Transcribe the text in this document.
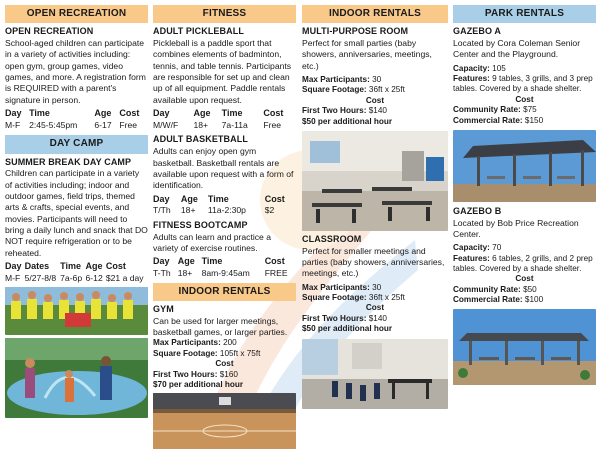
OPEN RECREATION
OPEN RECREATION

School-aged children can participate in a variety of activities including: open gym, group games, video games, and more. A registration form is REQUIRED with a parent's signature in person.

Day	Time	Age	Cost
M-F	2:45-5:45pm	6-17	Free
DAY CAMP
SUMMER BREAK DAY CAMP

Children can participate in a variety of activities including; indoor and outdoor games, field trips, themed arts & crafts, special events, and movies. Participants will need to bring a daily lunch and snack that DO NOT require refrigeration or to be reheated.

Day	Dates	Time	Age	Cost
M-F	5/27-8/8	7a-6p	6-12	$21 a day
FITNESS
ADULT PICKLEBALL

Pickleball is a paddle sport that combines elements of badminton, tennis, and table tennis. Participants are responsible for set up and clean up of all equipment. Paddle rentals available upon request.

Day	Age	Time	Cost
M/W/F	18+	7a-11a	Free
ADULT BASKETBALL

Adults can enjoy open gym basketball. Basketball rentals are available upon request with a form of identification.

Day	Age	Time	Cost
T/Th	18+	11a-2:30p	$2
FITNESS BOOTCAMP

Adults can learn and practice a variety of exercise routines.

Day	Age	Time	Cost
T-Th	18+	8am-9:45am	FREE
INDOOR RENTALS
GYM

Can be used for larger meetings, basketball games, or larger parties.

Max Participants: 200
Square Footage: 105ft x 75ft
Cost
First Two Hours: $160
$70 per additional hour
INDOOR RENTALS
MULTI-PURPOSE ROOM

Perfect for small parties (baby showers, anniversaries, meetings, etc.)

Max Participants: 30
Square Footage: 36ft x 25ft
Cost
First Two Hours: $140
$50 per additional hour
CLASSROOM

Perfect for smaller meetings and parties (baby showers, anniversaries, meetings, etc.)

Max Participants: 30
Square Footage: 36ft x 25ft
Cost
First Two Hours: $140
$50 per additional hour
PARK RENTALS
GAZEBO A

Located by Cora Coleman Senior Center and the Playground.

Capacity: 105
Features: 9 tables, 3 grills, and 3 prep tables. Covered by a shade shelter.
Cost
Community Rate: $75
Commercial Rate: $150
GAZEBO B

Located by Bob Price Recreation Center.

Capacity: 70
Features: 6 tables, 2 grills, and 2 prep tables. Covered by a shade shelter.
Cost
Community Rate: $50
Commercial Rate: $100
